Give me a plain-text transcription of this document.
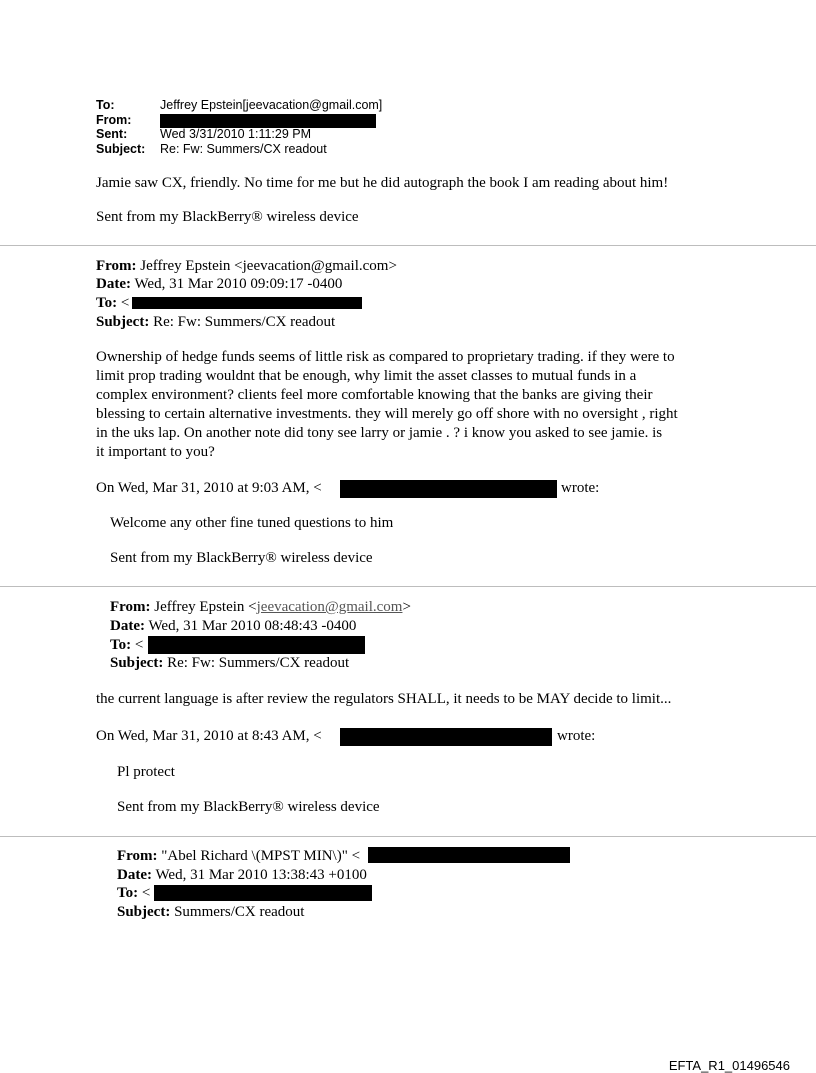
To:	Jeffrey Epstein[jeevacation@gmail.com]
From:
Sent:	Wed 3/31/2010 1:11:29 PM
Subject: Re: Fw: Summers/CX readout
Jamie saw CX, friendly. No time for me but he did autograph the book I am reading about him!
Sent from my BlackBerry® wireless device
From: Jeffrey Epstein <jeevacation@gmail.com>
Date: Wed, 31 Mar 2010 09:09:17 -0400
To: <
Subject: Re: Fw: Summers/CX readout
Ownership of hedge funds seems of little risk as compared to proprietary trading. if they were to
limit prop trading wouldnt that be enough, why limit the asset classes to mutual funds in a
complex environment? clients feel more comfortable knowing that the banks are giving their
blessing to certain alternative investments. they will merely go off shore with no oversight , right
in the uks lap. On another note did tony see larry or jamie . ? i know you asked to see jamie. is
it important to you?
On Wed, Mar 31, 2010 at 9:03 AM, <	wrote:
Welcome any other fine tuned questions to him
Sent from my BlackBerry® wireless device
From: Jeffrey Epstein <jeevacation@gmail.com>
Date: Wed, 31 Mar 2010 08:48:43 -0400
To: <
Subject: Re: Fw: Summers/CX readout
the current language is after review the regulators SHALL, it needs to be MAY decide to limit...
On Wed, Mar 31, 2010 at 8:43 AM, <	wrote:
Pl protect
Sent from my BlackBerry® wireless device
From: "Abel Richard \(MPST MIN\)" <
Date: Wed, 31 Mar 2010 13:38:43 +0100
To: <
Subject: Summers/CX readout
EFTA_R1_01496546
